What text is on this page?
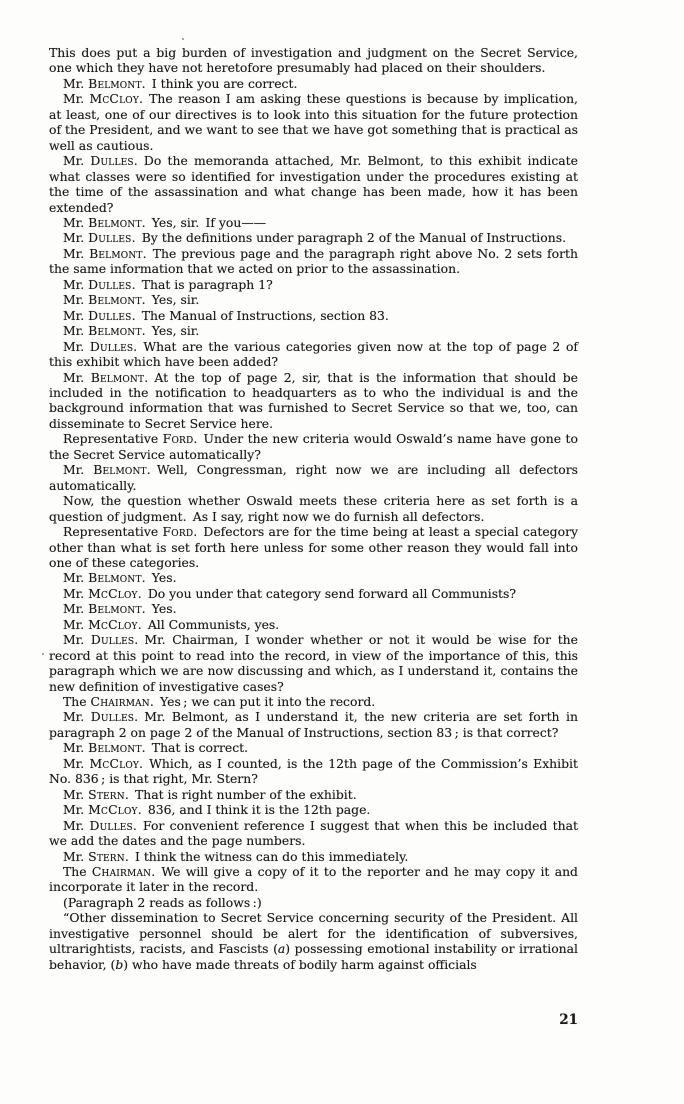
This does put a big burden of investigation and judgment on the Secret Service, one which they have not heretofore presumably had placed on their shoulders.

Mr. Belmont. I think you are correct.

Mr. McCloy. The reason I am asking these questions is because by implication, at least, one of our directives is to look into this situation for the future protection of the President, and we want to see that we have got something that is practical as well as cautious.

Mr. Dulles. Do the memoranda attached, Mr. Belmont, to this exhibit indicate what classes were so identified for investigation under the procedures existing at the time of the assassination and what change has been made, how it has been extended?

Mr. Belmont. Yes, sir. If you——

Mr. Dulles. By the definitions under paragraph 2 of the Manual of Instructions.

Mr. Belmont. The previous page and the paragraph right above No. 2 sets forth the same information that we acted on prior to the assassination.

Mr. Dulles. That is paragraph 1?

Mr. Belmont. Yes, sir.

Mr. Dulles. The Manual of Instructions, section 83.

Mr. Belmont. Yes, sir.

Mr. Dulles. What are the various categories given now at the top of page 2 of this exhibit which have been added?

Mr. Belmont. At the top of page 2, sir, that is the information that should be included in the notification to headquarters as to who the individual is and the background information that was furnished to Secret Service so that we, too, can disseminate to Secret Service here.

Representative Ford. Under the new criteria would Oswald’s name have gone to the Secret Service automatically?

Mr. Belmont. Well, Congressman, right now we are including all defectors automatically.

Now, the question whether Oswald meets these criteria here as set forth is a question of judgment. As I say, right now we do furnish all defectors.

Representative Ford. Defectors are for the time being at least a special category other than what is set forth here unless for some other reason they would fall into one of these categories.

Mr. Belmont. Yes.

Mr. McCloy. Do you under that category send forward all Communists?

Mr. Belmont. Yes.

Mr. McCloy. All Communists, yes.

Mr. Dulles. Mr. Chairman, I wonder whether or not it would be wise for the record at this point to read into the record, in view of the importance of this, this paragraph which we are now discussing and which, as I understand it, contains the new definition of investigative cases?

The Chairman. Yes ; we can put it into the record.

Mr. Dulles. Mr. Belmont, as I understand it, the new criteria are set forth in paragraph 2 on page 2 of the Manual of Instructions, section 83 ; is that correct?

Mr. Belmont. That is correct.

Mr. McCloy. Which, as I counted, is the 12th page of the Commission’s Exhibit No. 836 ; is that right, Mr. Stern?

Mr. Stern. That is right number of the exhibit.

Mr. McCloy. 836, and I think it is the 12th page.

Mr. Dulles. For convenient reference I suggest that when this be included that we add the dates and the page numbers.

Mr. Stern. I think the witness can do this immediately.

The Chairman. We will give a copy of it to the reporter and he may copy it and incorporate it later in the record.

(Paragraph 2 reads as follows :)

“Other dissemination to Secret Service concerning security of the President. All investigative personnel should be alert for the identification of subversives, ultrarightists, racists, and Fascists (a) possessing emotional instability or irrational behavior, (b) who have made threats of bodily harm against officials

21
